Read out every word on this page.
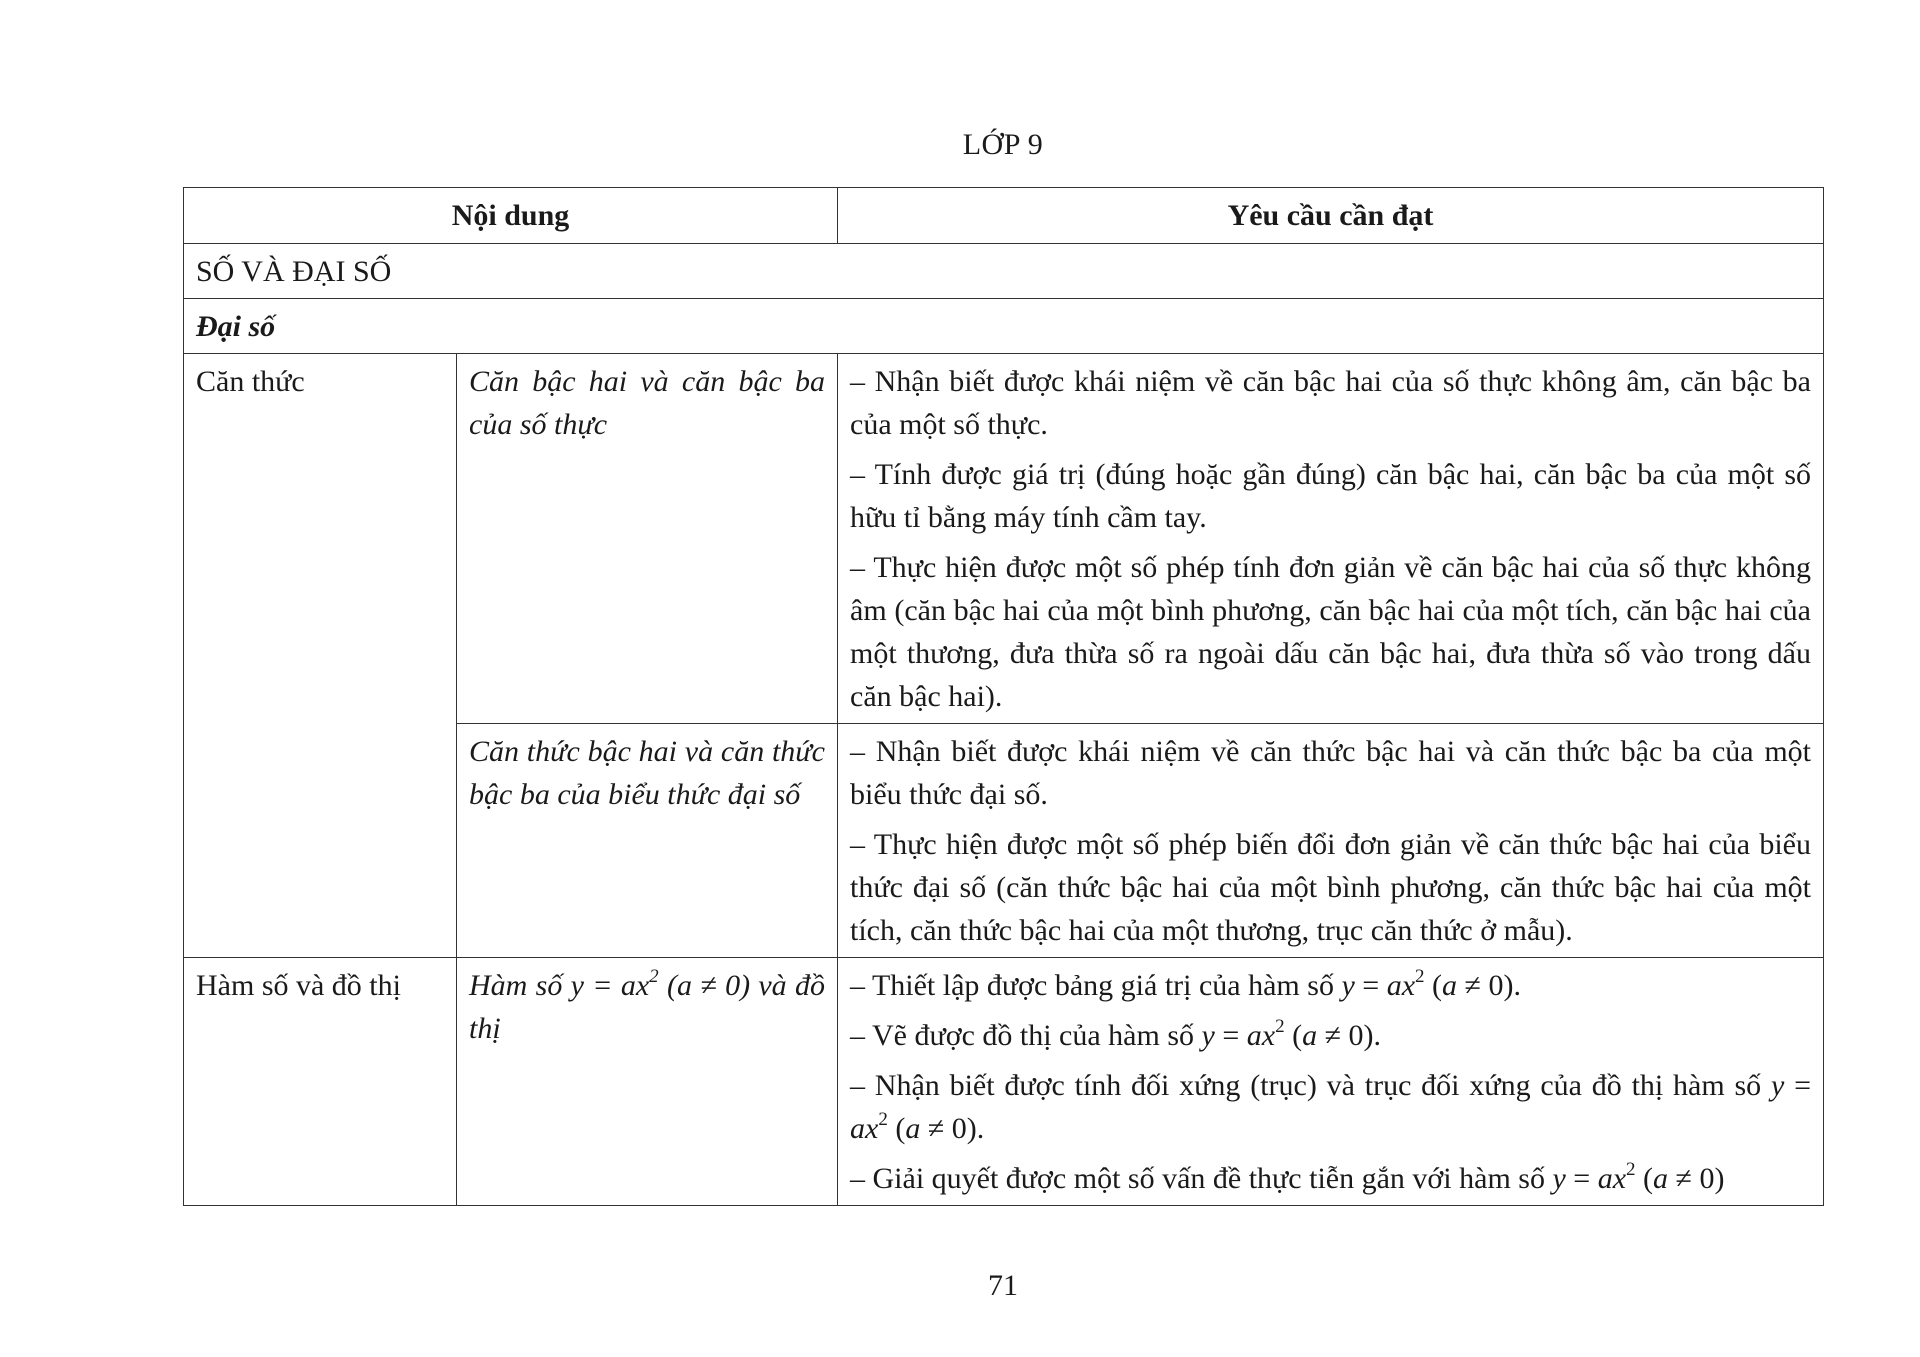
LỚP 9
Nội dung		Yêu cầu cần đạt
SỐ VÀ ĐẠI SỐ		
Đại số		
Căn thức	Căn bậc hai và căn bậc ba của số thực	– Nhận biết được khái niệm về căn bậc hai của số thực không âm, căn bậc ba của một số thực.
– Tính được giá trị (đúng hoặc gần đúng) căn bậc hai, căn bậc ba của một số hữu tỉ bằng máy tính cầm tay.
– Thực hiện được một số phép tính đơn giản về căn bậc hai của số thực không âm (căn bậc hai của một bình phương, căn bậc hai của một tích, căn bậc hai của một thương, đưa thừa số ra ngoài dấu căn bậc hai, đưa thừa số vào trong dấu căn bậc hai).

	Căn thức bậc hai và căn thức bậc ba của biểu thức đại số	– Nhận biết được khái niệm về căn thức bậc hai và căn thức bậc ba của một biểu thức đại số.
– Thực hiện được một số phép biến đổi đơn giản về căn thức bậc hai của biểu thức đại số (căn thức bậc hai của một bình phương, căn thức bậc hai của một tích, căn thức bậc hai của một thương, trục căn thức ở mẫu).

Hàm số và đồ thị	Hàm số $y = ax^2$ (a ≠ 0) và đồ thị	– Thiết lập được bảng giá trị của hàm số $y = ax^2$ (a ≠ 0).
– Vẽ được đồ thị của hàm số $y = ax^2$ (a ≠ 0).
– Nhận biết được tính đối xứng (trục) và trục đối xứng của đồ thị hàm số $y = ax^2$ (a ≠ 0).
– Giải quyết được một số vấn đề thực tiễn gắn với hàm số $y = ax^2$ (a ≠ 0)
71
